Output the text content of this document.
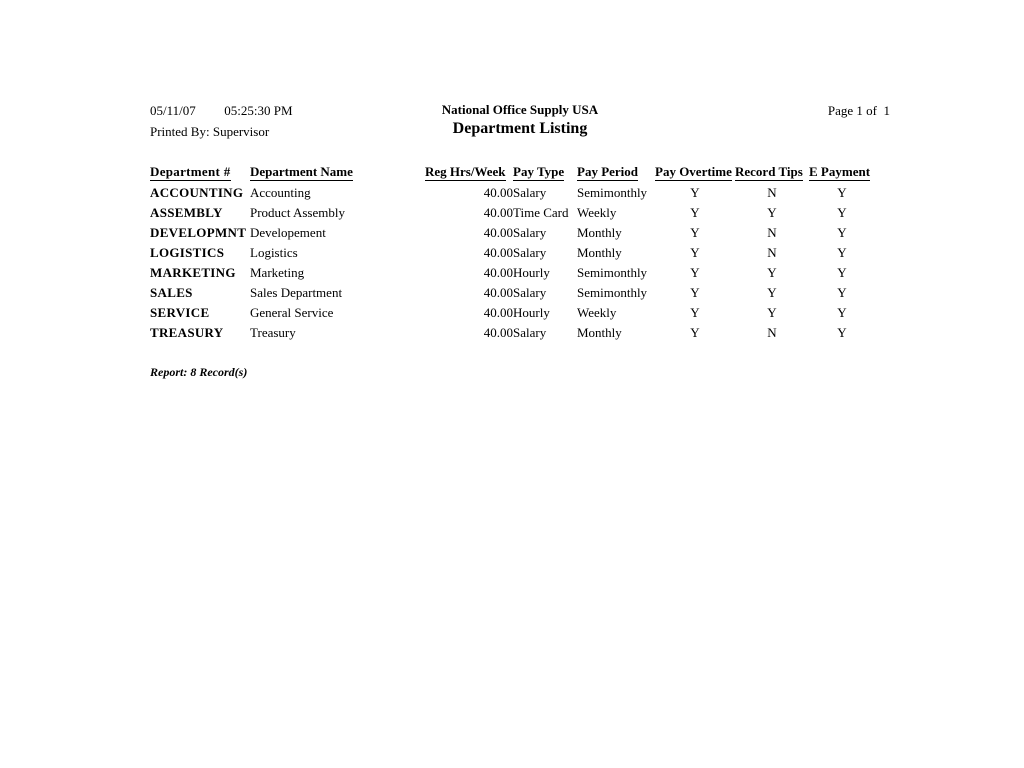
05/11/07 05:25:30 PM
Printed By: Supervisor
National Office Supply USA
Department Listing
Page 1 of  1
Department #	Department Name	Reg Hrs/Week	Pay Type	Pay Period	Pay Overtime	Record Tips	E Payment
ACCOUNTING	Accounting	40.00	Salary	Semimonthly	Y	N	Y
ASSEMBLY	Product Assembly	40.00	Time Card	Weekly	Y	Y	Y
DEVELOPMNT	Developement	40.00	Salary	Monthly	Y	N	Y
LOGISTICS	Logistics	40.00	Salary	Monthly	Y	N	Y
MARKETING	Marketing	40.00	Hourly	Semimonthly	Y	Y	Y
SALES	Sales Department	40.00	Salary	Semimonthly	Y	Y	Y
SERVICE	General Service	40.00	Hourly	Weekly	Y	Y	Y
TREASURY	Treasury	40.00	Salary	Monthly	Y	N	Y
Report: 8 Record(s)
